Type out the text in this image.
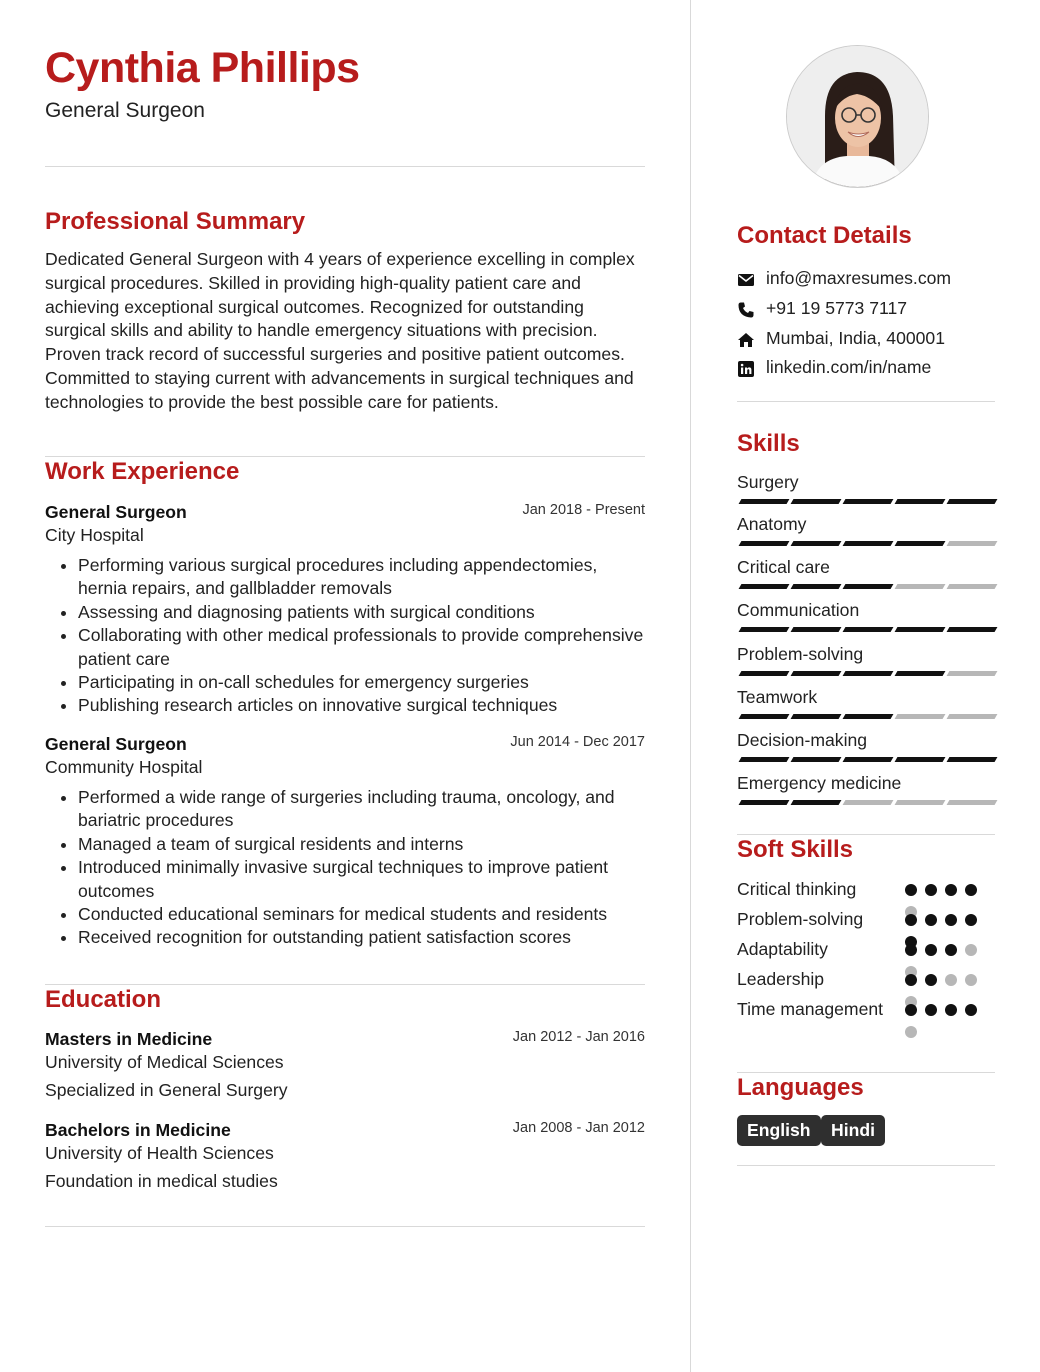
Cynthia Phillips
General Surgeon
Professional Summary
Dedicated General Surgeon with 4 years of experience excelling in complex surgical procedures. Skilled in providing high-quality patient care and achieving exceptional surgical outcomes. Recognized for outstanding surgical skills and ability to handle emergency situations with precision. Proven track record of successful surgeries and positive patient outcomes. Committed to staying current with advancements in surgical techniques and technologies to provide the best possible care for patients.
Work Experience
General Surgeon	Jan 2018 - Present
City Hospital
• Performing various surgical procedures including appendectomies, hernia repairs, and gallbladder removals
• Assessing and diagnosing patients with surgical conditions
• Collaborating with other medical professionals to provide comprehensive patient care
• Participating in on-call schedules for emergency surgeries
• Publishing research articles on innovative surgical techniques
General Surgeon	Jun 2014 - Dec 2017
Community Hospital
• Performed a wide range of surgeries including trauma, oncology, and bariatric procedures
• Managed a team of surgical residents and interns
• Introduced minimally invasive surgical techniques to improve patient outcomes
• Conducted educational seminars for medical students and residents
• Received recognition for outstanding patient satisfaction scores
Education
Masters in Medicine	Jan 2012 - Jan 2016
University of Medical Sciences
Specialized in General Surgery
Bachelors in Medicine	Jan 2008 - Jan 2012
University of Health Sciences
Foundation in medical studies
Contact Details
info@maxresumes.com
+91 19 5773 7117
Mumbai, India, 400001
linkedin.com/in/name
Skills
Surgery
Anatomy
Critical care
Communication
Problem-solving
Teamwork
Decision-making
Emergency medicine
Soft Skills
Critical thinking
Problem-solving
Adaptability
Leadership
Time management
Languages
English	Hindi
